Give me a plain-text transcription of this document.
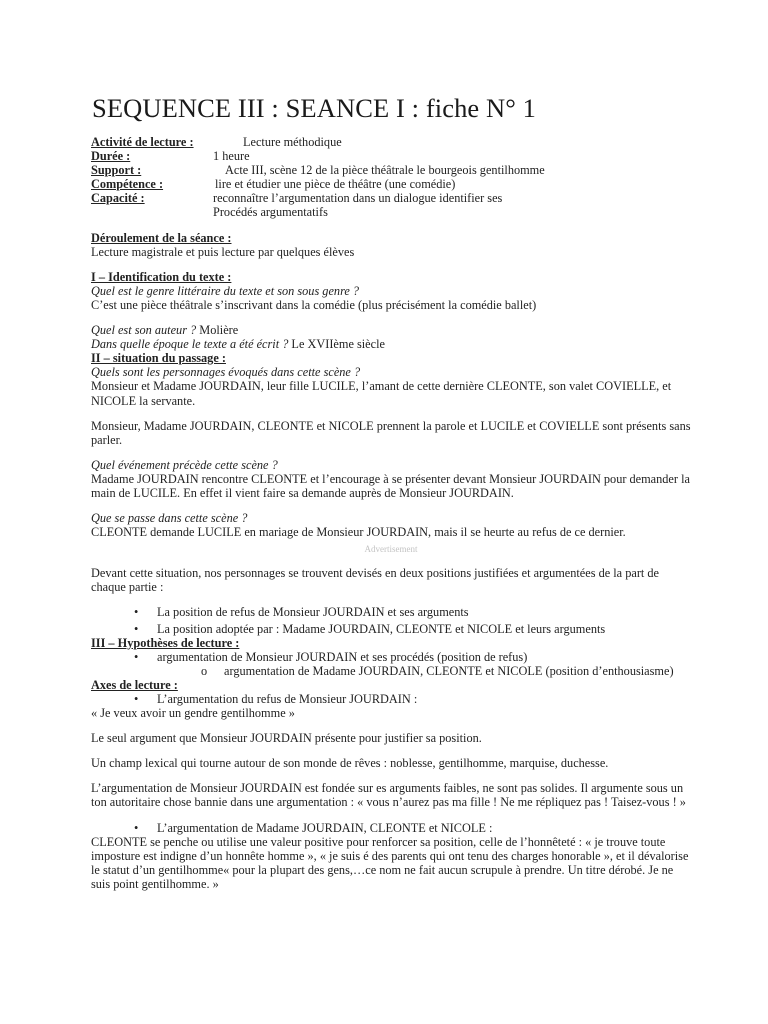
SEQUENCE III : SEANCE I : fiche N° 1
Activité de lecture :	Lecture méthodique
Durée :	1 heure
Support :	Acte III, scène 12 de la pièce théâtrale le bourgeois gentilhomme
Compétence :	lire et étudier une pièce de théâtre (une comédie)
Capacité :	reconnaître l’argumentation dans un dialogue identifier ses
Procédés argumentatifs

Déroulement de la séance :

Lecture magistrale et puis lecture par quelques élèves

I – Identification du texte :

Quel est le genre littéraire du texte et son sous genre ?

C’est une pièce théâtrale s’inscrivant dans la comédie (plus précisément la comédie ballet)

Quel est son auteur ? Molière

Dans quelle époque le texte a été écrit ? Le XVIIème siècle

II – situation du passage :

Quels sont les personnages évoqués dans cette scène ?

Monsieur et Madame JOURDAIN, leur fille LUCILE, l’amant de cette dernière CLEONTE, son valet COVIELLE, et NICOLE la servante.

Monsieur, Madame JOURDAIN, CLEONTE et NICOLE prennent la parole et LUCILE et COVIELLE sont présents sans parler.

Quel événement précède cette scène ?

Madame JOURDAIN rencontre CLEONTE et l’encourage à se présenter devant Monsieur JOURDAIN pour demander la main de LUCILE. En effet il vient faire sa demande auprès de Monsieur JOURDAIN.

Que se passe dans cette scène ?

CLEONTE demande LUCILE en mariage de Monsieur JOURDAIN, mais il se heurte au refus de ce dernier.

Advertisement

Devant cette situation, nos personnages se trouvent devisés en deux positions justifiées et argumentées de la part de chaque partie :

• La position de refus de Monsieur JOURDAIN et ses arguments
• La position adoptée par : Madame JOURDAIN, CLEONTE et NICOLE et leurs arguments

III – Hypothèses de lecture :

• argumentation de Monsieur JOURDAIN et ses procédés (position de refus)
o argumentation de Madame JOURDAIN, CLEONTE et NICOLE (position d’enthousiasme)

Axes de lecture :

• L’argumentation du refus de Monsieur JOURDAIN :

« Je veux avoir un gendre gentilhomme »

Le seul argument que Monsieur JOURDAIN présente pour justifier sa position.

Un champ lexical qui tourne autour de son monde de rêves : noblesse, gentilhomme, marquise, duchesse.

L’argumentation de Monsieur JOURDAIN est fondée sur es arguments faibles, ne sont pas solides. Il argumente sous un ton autoritaire chose bannie dans une argumentation : « vous n’aurez pas ma fille ! Ne me répliquez pas ! Taisez-vous ! »

• L’argumentation de Madame JOURDAIN, CLEONTE et NICOLE :

CLEONTE se penche ou utilise une valeur positive pour renforcer sa position, celle de l’honnêteté : « je trouve toute imposture est indigne d’un honnête homme », « je suis é des parents qui ont tenu des charges honorable », et il dévalorise le statut d’un gentilhomme« pour la plupart des gens,…ce nom ne fait aucun scrupule à prendre. Un titre dérobé. Je ne suis point gentilhomme. »
